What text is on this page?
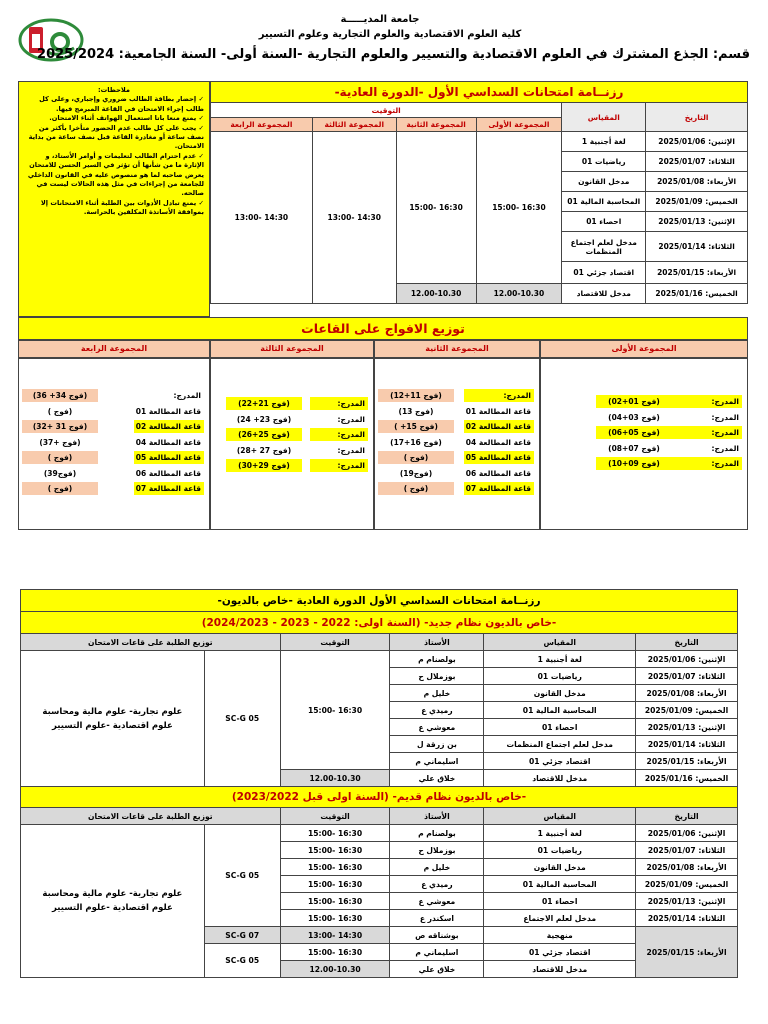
جامعة المديـــــة
كلية العلوم الاقتصادية والعلوم التجارية وعلوم التسيير
قسم: الجذع المشترك في العلوم الاقتصادية والتسيير والعلوم التجارية -السنة أولى- السنة الجامعية: 2025/2024
ملاحظات:
✓ إحضار بطاقة الطالب ضروري وإجباري، وعلى كل طالب إجراء الامتحان في القاعة المبرمج فيها.
✓ يمنع منعا باتا استعمال الهواتف أثناء الامتحان.
✓ يجب على كل طالب عدم الحضور متأخرا بأكثر من نصف ساعة أو مغادرة القاعة قبل نصف ساعة من بداية الامتحان.
✓ عدم احترام الطالب لتعليمات و أوامر الأستاذ، و الإثارة ما من شأنها أن تؤثر في السير الحسن للامتحان يعرض صاحبه لما هو منصوص عليه في القانون الداخلي للجامعة من إجراءات في مثل هذه الحالات ليست في صالحه.
✓ يمنع تبادل الأدوات بين الطلبة أثناء الامتحانات إلا بموافقة الأساتذة المكلفين بالحراسة.
رزنــامة امتحانات السداسي الأول -الدورة العادية-					
التاريخ	المقياس	التوقيت			
		المجموعة الأولى	المجموعة الثانية	المجموعة الثالثة	المجموعة الرابعة
الإثنين: 2025/01/06	لغة أجنبية 1	16:30 -15:00	16:30 -15:00	14:30 -13:00	14:30 -13:00
الثلاثاء: 2025/01/07	رياضيات 01				
الأربعاء: 2025/01/08	مدخل القانون				
الخميس: 2025/01/09	المحاسبة المالية 01				
الإثنين: 2025/01/13	احصاء 01				
الثلاثاء: 2025/01/14	مدخل لعلم اجتماع المنظمات				
الأربعاء: 2025/01/15	اقتصاد جزئي 01				
الخميس: 2025/01/16	مدخل للاقتصاد	12.00-10.30	12.00-10.30		
توزيع الافواج على القاعات
المجموعة الأولى
المجموعة الثانية
المجموعة الثالثة
المجموعة الرابعة
المدرج:
(فوج 01+02)
المدرج:
(فوج 03+04)
المدرج:
(فوج 05+06)
المدرج:
(فوج 07+08)
المدرج:
(فوج 09+10)
المدرج:
(فوج 11+12)
قاعة المطالعة 01
(فوج 13)
قاعة المطالعة 02
(فوج 15+ )
قاعة المطالعة 04
(فوج 16+17)
قاعة المطالعة 05
(فوج )
قاعة المطالعة 06
(فوج19)
قاعة المطالعة 07
(فوج )
المدرج:
(فوج 21+22)
المدرج:
(فوج 23+ 24)
المدرج:
(فوج 25+26)
المدرج:
(فوج 27 +28)
المدرج:
(فوج 29+30)
المدرج:
(فوج 34+ 36)
قاعة المطالعة 01
(فوج )
قاعة المطالعة 02
(فوج 31 +32)
قاعة المطالعة 04
(فوج +37)
قاعة المطالعة 05
(فوج )
قاعة المطالعة 06
(فوج39)
قاعة المطالعة 07
(فوج )
رزنــامة امتحانات السداسي الأول الدورة العادية -خاص بالديون-					
-خاص بالديون نظام جديد- (السنة اولى: 2022 - 2023 - 2024/2023)					
التاريخ	المقياس	الأستاذ	التوقيت	توزيع الطلبة على قاعات الامتحان	
الإثنين: 2025/01/06	لغة أجنبية 1	بولصنام م	16:30 -15:00	SC-G 05	علوم تجارية- علوم مالية ومحاسبة علوم اقتصادية -علوم التسيير
الثلاثاء: 2025/01/07	رياضيات 01	بوزملال ح			
الأربعاء: 2025/01/08	مدخل القانون	خليل م			
الخميس: 2025/01/09	المحاسبة المالية 01	رميدي ع			
الإثنين: 2025/01/13	احصاء 01	معوشي ع			
الثلاثاء: 2025/01/14	مدخل لعلم اجتماع المنظمات	بن زرقة ل			
الأربعاء: 2025/01/15	اقتصاد جزئي 01	اسليماني م			
الخميس: 2025/01/16	مدخل للاقتصاد	خلاق علي	12.00-10.30		
-خاص بالديون نظام قديم- (السنة اولى قبل 2023/2022)					
التاريخ	المقياس	الأستاذ	التوقيت	توزيع الطلبة على قاعات الامتحان	
الإثنين: 2025/01/06	لغة أجنبية 1	بولصنام م	16:30 -15:00	SC-G 05	علوم تجارية- علوم مالية ومحاسبة علوم اقتصادية -علوم التسيير
الثلاثاء: 2025/01/07	رياضيات 01	بوزملال ح	16:30 -15:00		
الأربعاء: 2025/01/08	مدخل القانون	خليل م	16:30 -15:00		
الخميس: 2025/01/09	المحاسبة المالية 01	رميدي ع	16:30 -15:00		
الإثنين: 2025/01/13	احصاء 01	معوشي ع	16:30 -15:00		
الثلاثاء: 2025/01/14	مدخل لعلم الاجتماع	اسكندر ع	16:30 -15:00		
الأربعاء: 2025/01/15	منهجية	بوشناقه ص	14:30 -13:00	SC-G 07	
	اقتصاد جزئي 01	اسليماني م	16:30 -15:00	SC-G 05	
	مدخل للاقتصاد	خلاق علي	12.00-10.30		
